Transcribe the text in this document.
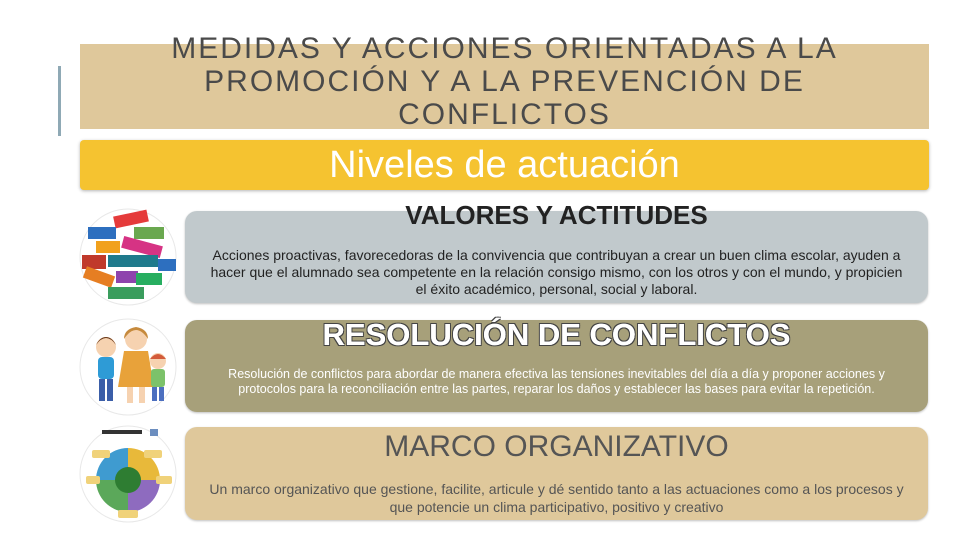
MEDIDAS Y ACCIONES ORIENTADAS A LA
PROMOCIÓN Y A LA PREVENCIÓN DE
CONFLICTOS
Niveles de actuación
VALORES Y ACTITUDES

Acciones proactivas, favorecedoras de la convivencia que contribuyan a crear un buen clima escolar, ayuden a hacer que el alumnado sea competente en la relación consigo mismo, con los otros y con el mundo, y propicien el éxito académico, personal, social y laboral.

RESOLUCIÓN DE CONFLICTOS

Resolución de conflictos para abordar de manera efectiva las tensiones inevitables del día a día y proponer acciones y protocolos para la reconciliación entre las partes, reparar los daños y establecer las bases para evitar la repetición.

MARCO ORGANIZATIVO

Un marco organizativo que gestione, facilite, articule y dé sentido tanto a las actuaciones como a los procesos y que potencie un clima participativo, positivo y creativo
